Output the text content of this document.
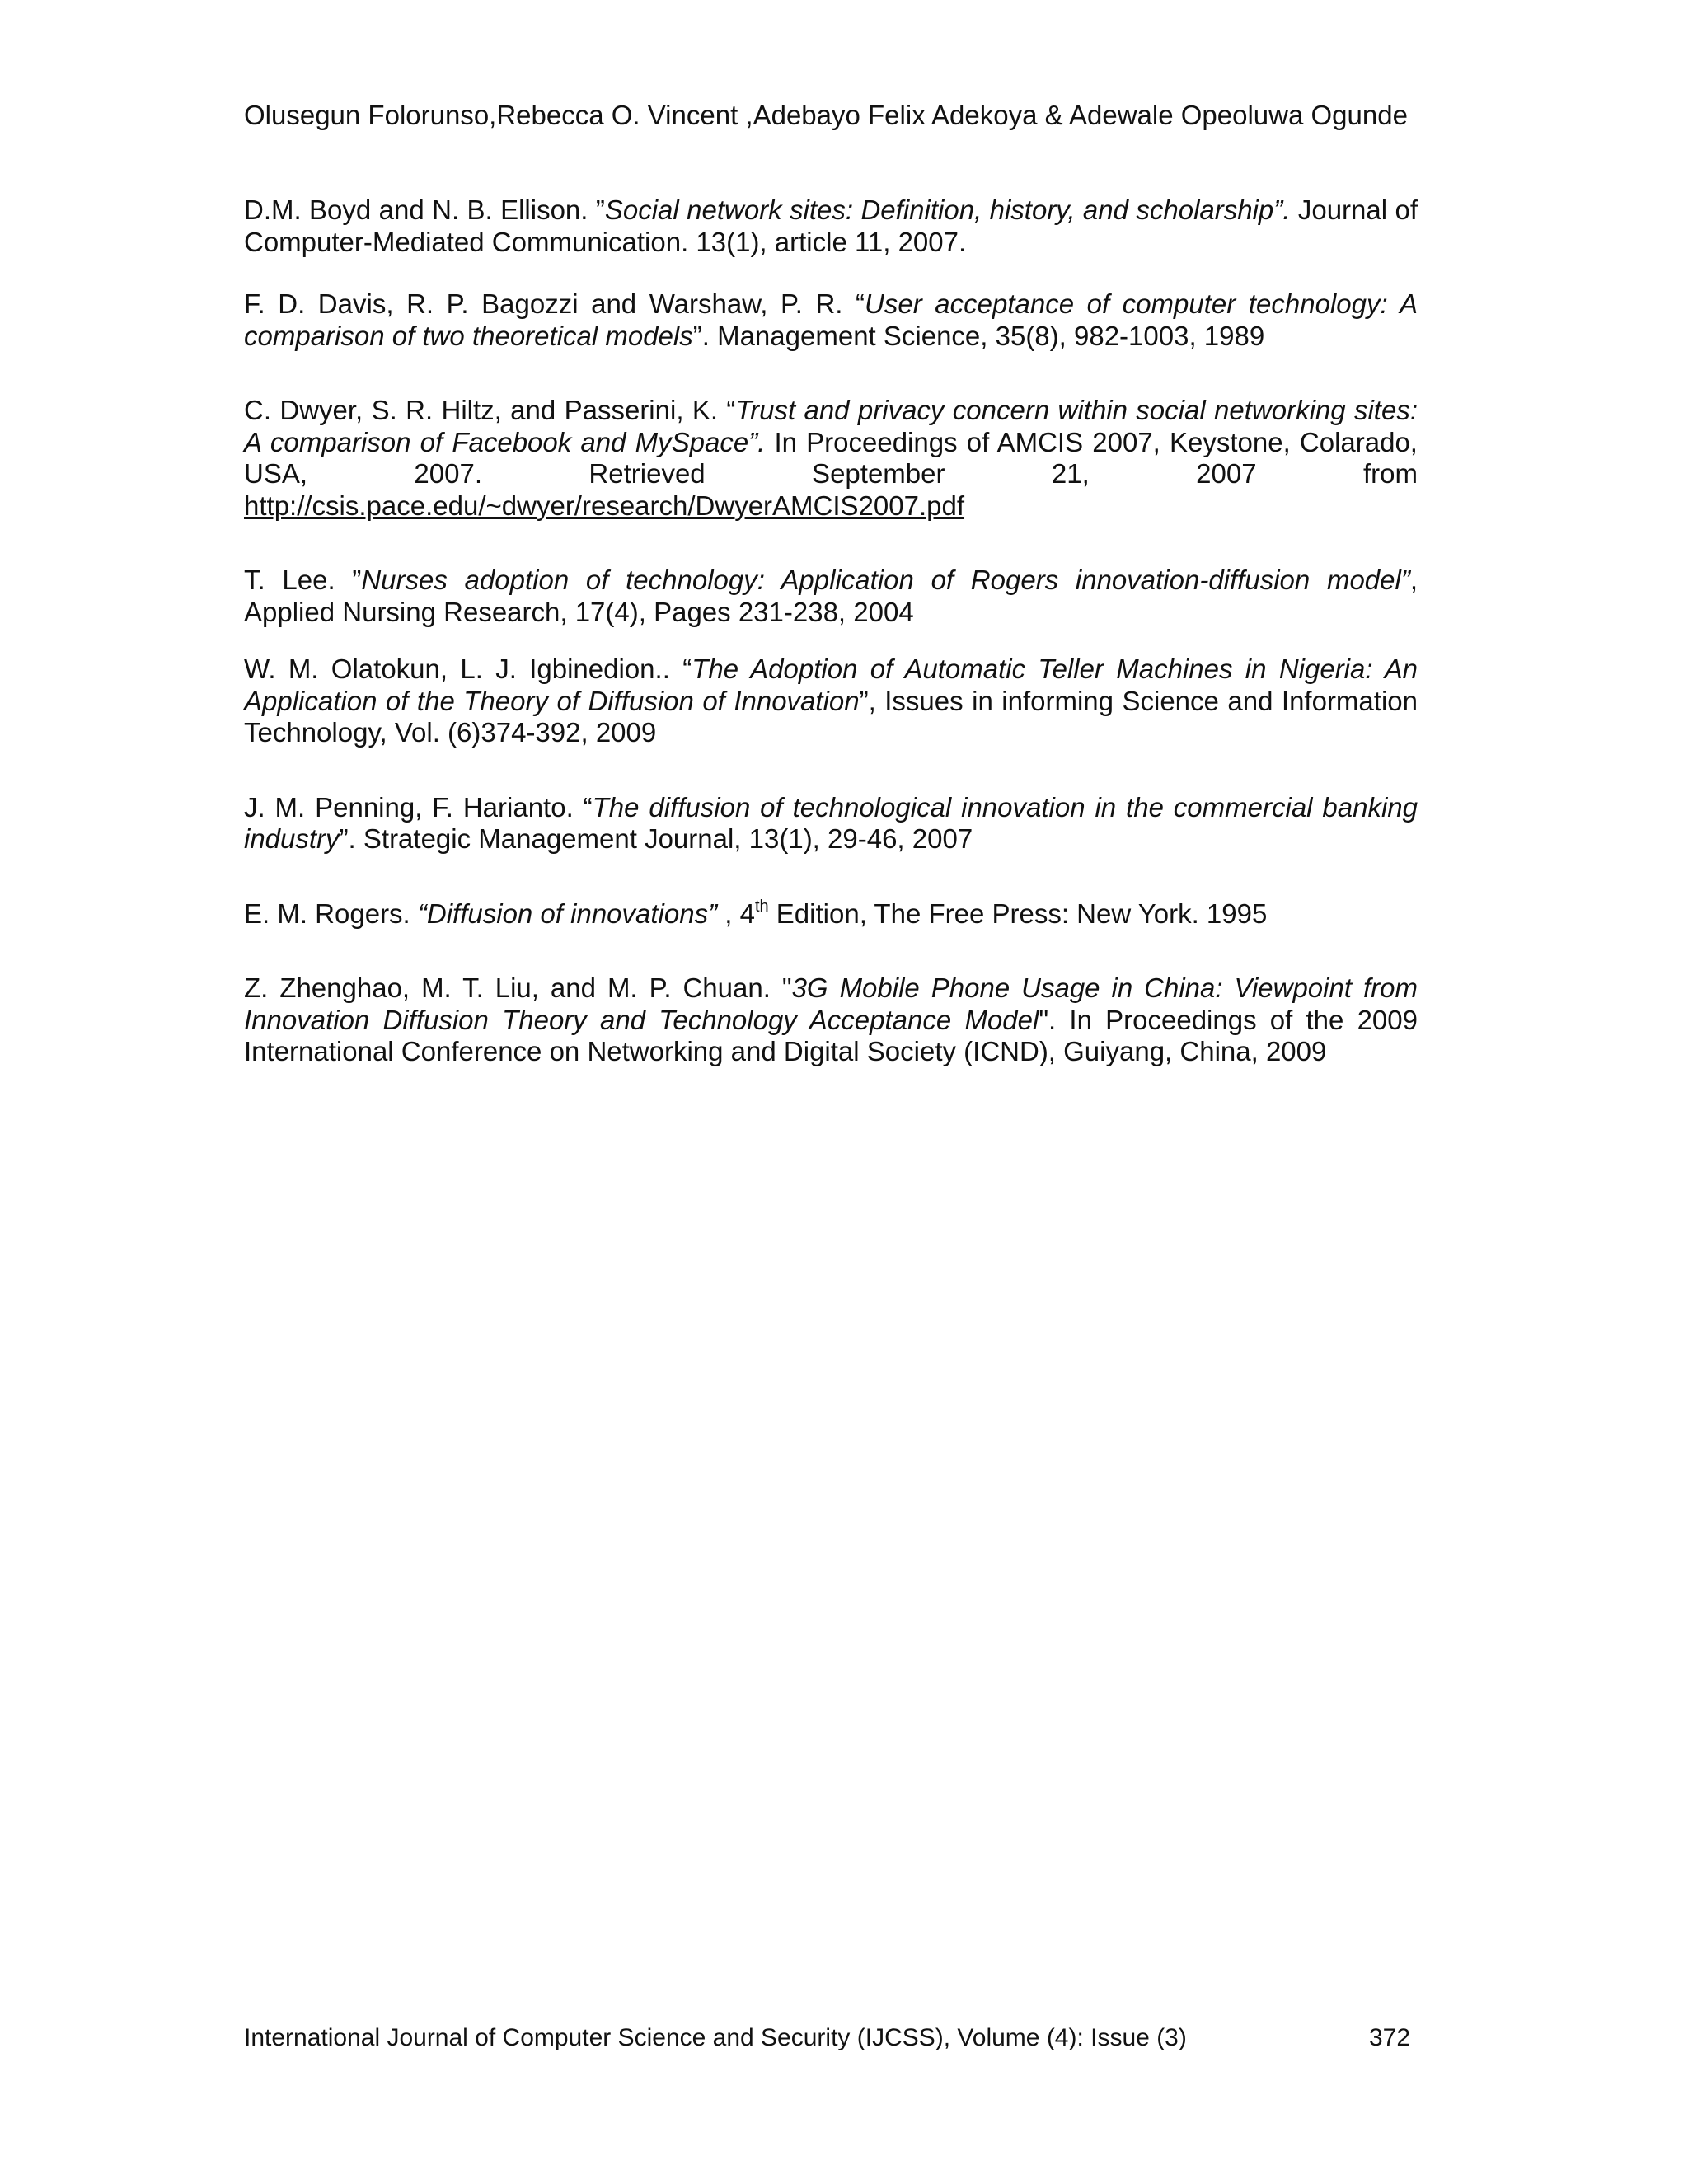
Olusegun Folorunso,Rebecca O. Vincent ,Adebayo Felix Adekoya & Adewale Opeoluwa Ogunde

D.M. Boyd and N. B. Ellison. ”Social network sites: Definition, history, and scholarship”. Journal of Computer-Mediated Communication. 13(1), article 11, 2007.

F. D. Davis, R. P. Bagozzi and Warshaw, P. R. “User acceptance of computer technology: A comparison of two theoretical models”. Management Science, 35(8), 982-1003, 1989

C. Dwyer, S. R. Hiltz, and Passerini, K. “Trust and privacy concern within social networking sites: A comparison of Facebook and MySpace”. In Proceedings of AMCIS 2007, Keystone, Colarado, USA, 2007. Retrieved September 21, 2007 from http://csis.pace.edu/~dwyer/research/DwyerAMCIS2007.pdf

T. Lee. ”Nurses adoption of technology: Application of Rogers innovation-diffusion model”, Applied Nursing Research, 17(4), Pages 231-238, 2004

W. M. Olatokun, L. J. Igbinedion.. “The Adoption of Automatic Teller Machines in Nigeria: An Application of the Theory of Diffusion of Innovation”, Issues in informing Science and Information Technology, Vol. (6)374-392, 2009

J. M. Penning, F. Harianto. “The diffusion of technological innovation in the commercial banking industry”. Strategic Management Journal, 13(1), 29-46, 2007

E. M. Rogers. “Diffusion of innovations” , 4th Edition, The Free Press: New York. 1995

Z. Zhenghao, M. T. Liu, and M. P. Chuan. "3G Mobile Phone Usage in China: Viewpoint from Innovation Diffusion Theory and Technology Acceptance Model". In Proceedings of the 2009 International Conference on Networking and Digital Society (ICND), Guiyang, China, 2009

International Journal of Computer Science and Security (IJCSS), Volume (4): Issue (3)	372
